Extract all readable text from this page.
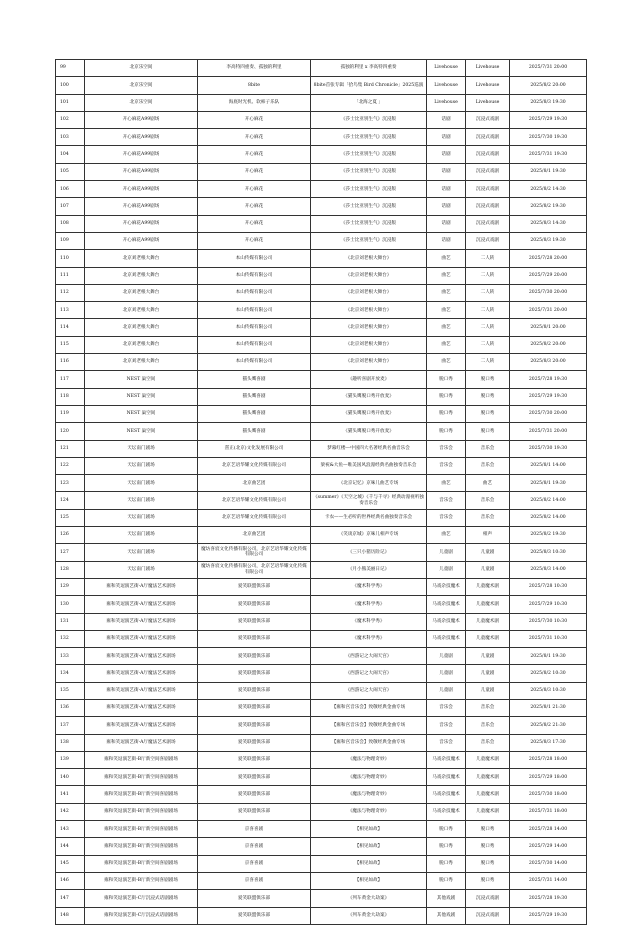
99	北京乐空间	李高特四重奏、孤独的利里	孤独的利里 x 李高特四重奏	Livehouse	Livehouse	2025/7/31 20:00
100	北京乐空间	8bite	8bite首张专辑「拾鸟集 Bird Chronicle」2025巡演	Livehouse	Livehouse	2025/8/2 20:00
101	北京乐空间	海底时光机、软柿子乐队	「北海之夏 」	Livehouse	Livehouse	2025/8/3 19:30
102	开心麻花A99剧场	开心麻花	《莎士比亚别生气》沉浸版	话剧	沉浸式戏剧	2025/7/29 19:30
103	开心麻花A99剧场	开心麻花	《莎士比亚别生气》沉浸版	话剧	沉浸式戏剧	2025/7/30 19:30
104	开心麻花A99剧场	开心麻花	《莎士比亚别生气》沉浸版	话剧	沉浸式戏剧	2025/7/31 19:30
105	开心麻花A99剧场	开心麻花	《莎士比亚别生气》沉浸版	话剧	沉浸式戏剧	2025/8/1 19:30
106	开心麻花A99剧场	开心麻花	《莎士比亚别生气》沉浸版	话剧	沉浸式戏剧	2025/8/2 14:30
107	开心麻花A99剧场	开心麻花	《莎士比亚别生气》沉浸版	话剧	沉浸式戏剧	2025/8/2 19:30
108	开心麻花A99剧场	开心麻花	《莎士比亚别生气》沉浸版	话剧	沉浸式戏剧	2025/8/3 14:30
109	开心麻花A99剧场	开心麻花	《莎士比亚别生气》沉浸版	话剧	沉浸式戏剧	2025/8/3 19:30
110	北京刘老根大舞台	本山传媒有限公司	《北京刘老根大舞台》	曲艺	二人转	2025/7/28 20:00
111	北京刘老根大舞台	本山传媒有限公司	《北京刘老根大舞台》	曲艺	二人转	2025/7/29 20:00
112	北京刘老根大舞台	本山传媒有限公司	《北京刘老根大舞台》	曲艺	二人转	2025/7/30 20:00
113	北京刘老根大舞台	本山传媒有限公司	《北京刘老根大舞台》	曲艺	二人转	2025/7/31 20:00
114	北京刘老根大舞台	本山传媒有限公司	《北京刘老根大舞台》	曲艺	二人转	2025/8/1 20:00
115	北京刘老根大舞台	本山传媒有限公司	《北京刘老根大舞台》	曲艺	二人转	2025/8/2 20:00
116	北京刘老根大舞台	本山传媒有限公司	《北京刘老根大舞台》	曲艺	二人转	2025/8/3 20:00
117	NEST 巢空间	猫头鹰喜剧	《趣听喜剧开放麦》	脱口秀	脱口秀	2025/7/28 19:30
118	NEST 巢空间	猫头鹰喜剧	《猫头鹰脱口秀开放麦》	脱口秀	脱口秀	2025/7/29 19:30
119	NEST 巢空间	猫头鹰喜剧	《猫头鹰脱口秀开放麦》	脱口秀	脱口秀	2025/7/30 20:00
120	NEST 巢空间	猫头鹰喜剧	《猫头鹰脱口秀开放麦》	脱口秀	脱口秀	2025/7/31 20:00
121	天坛南门剧场	熹正(北京)文化发展有限公司	梦幕红楼—中国四大名著经典名曲音乐会	音乐会	音乐会	2025/7/30 19:30
122	天坛南门剧场	北京艺语华耀文化传媒有限公司	梁祝&大鱼—唯美国风浪漫经典名曲独奏音乐会	音乐会	音乐会	2025/8/1 14:00
123	天坛南门剧场	北京曲艺团	《北京记忆》京味儿曲艺专场	曲艺	曲艺	2025/8/1 19:30
124	天坛南门剧场	北京艺语华耀文化传媒有限公司	《summer》《天空之城》《千与千寻》经典动漫视听独奏音乐会	音乐会	音乐会	2025/8/2 14:00
125	天坛南门剧场	北京艺语华耀文化传媒有限公司	卡农——生必听的世界经典名曲独奏音乐会	音乐会	音乐会	2025/8/2 14:00
126	天坛南门剧场	北京曲艺团	《笑谈京城》京味儿相声专场	曲艺	相声	2025/8/2 19:30
127	天坛南门剧场	魔坊喜宸文化传播有限公司，北京艺语华耀文化传媒有限公司	《三只小猪历险记》	儿童剧	儿童剧	2025/8/3 10:30
128	天坛南门剧场	魔坊喜宸文化传播有限公司，北京艺语华耀文化传媒有限公司	《月小熊美丽日记》	儿童剧	儿童剧	2025/8/3 14:00
129	雍和笑逗演艺街-A厅魔法艺术剧场	爱笑联盟俱乐部	《魔术科学秀》	马戏杂技魔术	儿童魔术剧	2025/7/28 10:30
130	雍和笑逗演艺街-A厅魔法艺术剧场	爱笑联盟俱乐部	《魔术科学秀》	马戏杂技魔术	儿童魔术剧	2025/7/29 10:30
131	雍和笑逗演艺街-A厅魔法艺术剧场	爱笑联盟俱乐部	《魔术科学秀》	马戏杂技魔术	儿童魔术剧	2025/7/30 10:30
132	雍和笑逗演艺街-A厅魔法艺术剧场	爱笑联盟俱乐部	《魔术科学秀》	马戏杂技魔术	儿童魔术剧	2025/7/31 10:30
133	雍和笑逗演艺街-A厅魔法艺术剧场	爱笑联盟俱乐部	《西游记之大闹天宫》	儿童剧	儿童剧	2025/8/1 19:30
134	雍和笑逗演艺街-A厅魔法艺术剧场	爱笑联盟俱乐部	《西游记之大闹天宫》	儿童剧	儿童剧	2025/8/2 10:30
135	雍和笑逗演艺街-A厅魔法艺术剧场	爱笑联盟俱乐部	《西游记之大闹天宫》	儿童剧	儿童剧	2025/8/3 10:30
136	雍和笑逗演艺街-A厅魔法艺术剧场	爱笑联盟俱乐部	【雍和宫音乐会】致敬经典金曲专场	音乐会	音乐会	2025/8/1 21:30
137	雍和笑逗演艺街-A厅魔法艺术剧场	爱笑联盟俱乐部	【雍和宫音乐会】致敬经典金曲专场	音乐会	音乐会	2025/8/2 21:30
138	雍和笑逗演艺街-A厅魔法艺术剧场	爱笑联盟俱乐部	【雍和宫音乐会】致敬经典金曲专场	音乐会	音乐会	2025/8/3 17:30
139	雍和笑逗演艺街-B厅新空间喜剧剧场	爱笑联盟俱乐部	《魔法与物理奇妙》	马戏杂技魔术	儿童魔术剧	2025/7/28 18:00
140	雍和笑逗演艺街-B厅新空间喜剧剧场	爱笑联盟俱乐部	《魔法与物理奇妙》	马戏杂技魔术	儿童魔术剧	2025/7/29 18:00
141	雍和笑逗演艺街-B厅新空间喜剧剧场	爱笑联盟俱乐部	《魔法与物理奇妙》	马戏杂技魔术	儿童魔术剧	2025/7/30 18:00
142	雍和笑逗演艺街-B厅新空间喜剧剧场	爱笑联盟俱乐部	《魔法与物理奇妙》	马戏杂技魔术	儿童魔术剧	2025/7/31 18:00
143	雍和笑逗演艺街-B厅新空间喜剧剧场	京喜喜剧	【相见如故】	脱口秀	脱口秀	2025/7/28 14:00
144	雍和笑逗演艺街-B厅新空间喜剧剧场	京喜喜剧	【相见如故】	脱口秀	脱口秀	2025/7/29 14:00
145	雍和笑逗演艺街-B厅新空间喜剧剧场	京喜喜剧	【相见如故】	脱口秀	脱口秀	2025/7/30 14:00
146	雍和笑逗演艺街-B厅新空间喜剧剧场	京喜喜剧	【相见如故】	脱口秀	脱口秀	2025/7/31 14:00
147	雍和笑逗演艺街-C厅沉浸式话剧剧场	爱笑联盟俱乐部	《列车黄金大劫案》	其他戏剧	沉浸式戏剧	2025/7/28 19:30
148	雍和笑逗演艺街-C厅沉浸式话剧剧场	爱笑联盟俱乐部	《列车黄金大劫案》	其他戏剧	沉浸式戏剧	2025/7/29 19:30
